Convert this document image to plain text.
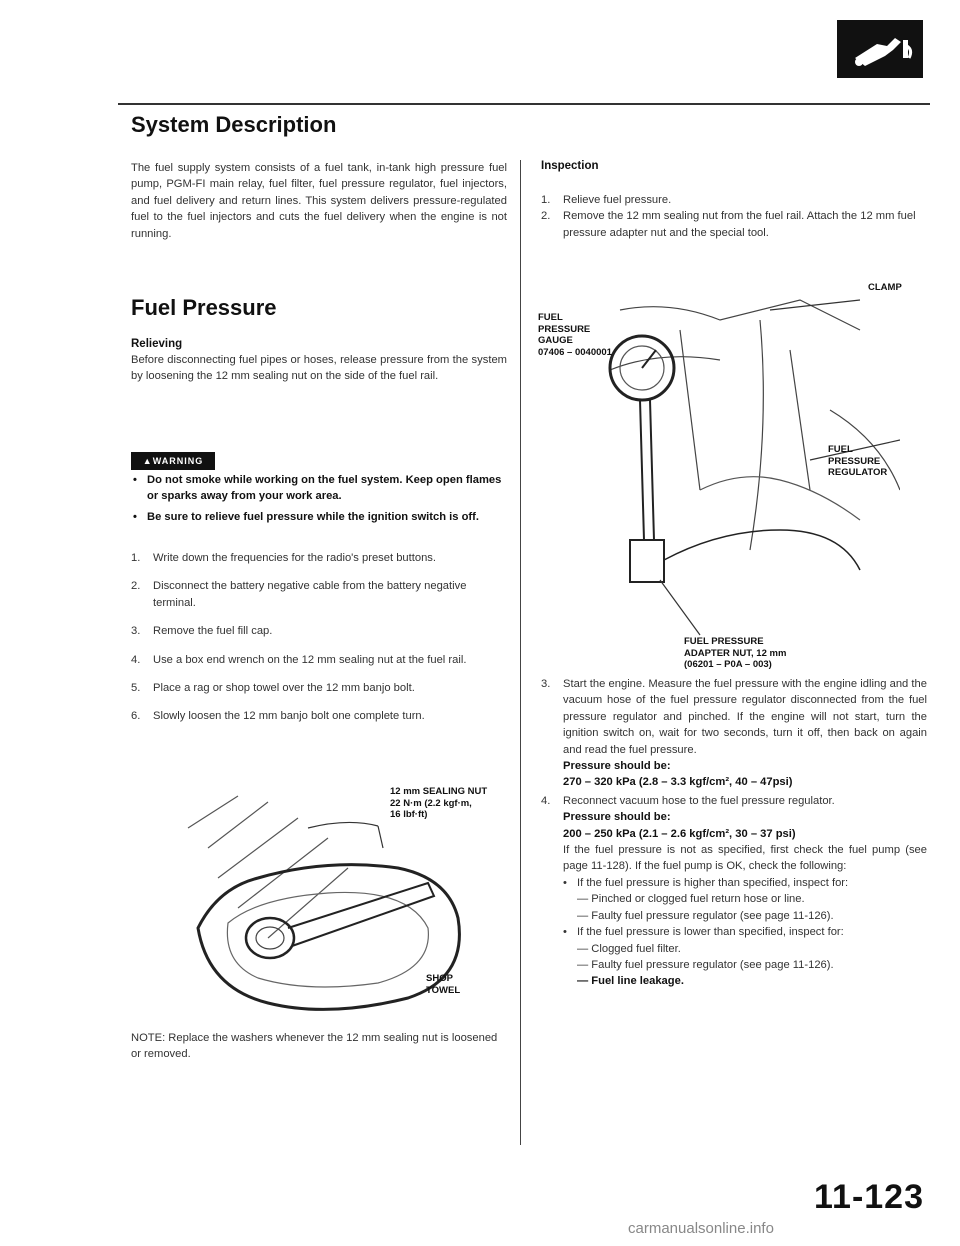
System Description
The fuel supply system consists of a fuel tank, in-tank high pressure fuel pump, PGM-FI main relay, fuel filter, fuel pressure regulator, fuel injectors, and fuel delivery and return lines. This system delivers pressure-regulated fuel to the fuel injectors and cuts the fuel delivery when the engine is not running.
Fuel Pressure
Relieving
Before disconnecting fuel pipes or hoses, release pressure from the system by loosening the 12 mm sealing nut on the side of the fuel rail.
▲WARNING
• Do not smoke while working on the fuel system. Keep open flames or sparks away from your work area.
• Be sure to relieve fuel pressure while the ignition switch is off.
1. Write down the frequencies for the radio's preset buttons.
2. Disconnect the battery negative cable from the battery negative terminal.
3. Remove the fuel fill cap.
4. Use a box end wrench on the 12 mm sealing nut at the fuel rail.
5. Place a rag or shop towel over the 12 mm banjo bolt.
6. Slowly loosen the 12 mm banjo bolt one complete turn.
12 mm SEALING NUT
22 N·m (2.2 kgf·m,
16 lbf·ft)
SHOP
TOWEL
NOTE: Replace the washers whenever the 12 mm sealing nut is loosened or removed.
Inspection
1. Relieve fuel pressure.
2. Remove the 12 mm sealing nut from the fuel rail. Attach the 12 mm fuel pressure adapter nut and the special tool.
CLAMP
FUEL
PRESSURE
GAUGE
07406 – 0040001
FUEL PRESSURE
REGULATOR
FUEL PRESSURE
ADAPTER NUT, 12 mm
(06201 – P0A – 003)
3. Start the engine. Measure the fuel pressure with the engine idling and the vacuum hose of the fuel pressure regulator disconnected from the fuel pressure regulator and pinched. If the engine will not start, turn the ignition switch on, wait for two seconds, turn it off, then back on again and read the fuel pressure.
Pressure should be:
270 – 320 kPa (2.8 – 3.3 kgf/cm², 40 – 47psi)
4. Reconnect vacuum hose to the fuel pressure regulator.
Pressure should be:
200 – 250 kPa (2.1 – 2.6 kgf/cm², 30 – 37 psi)
If the fuel pressure is not as specified, first check the fuel pump (see page 11-128). If the fuel pump is OK, check the following:
• If the fuel pressure is higher than specified, inspect for:
— Pinched or clogged fuel return hose or line.
— Faulty fuel pressure regulator (see page 11-126).
• If the fuel pressure is lower than specified, inspect for:
— Clogged fuel filter.
— Faulty fuel pressure regulator (see page 11-126).
— Fuel line leakage.
11-123
carmanualsonline.info
